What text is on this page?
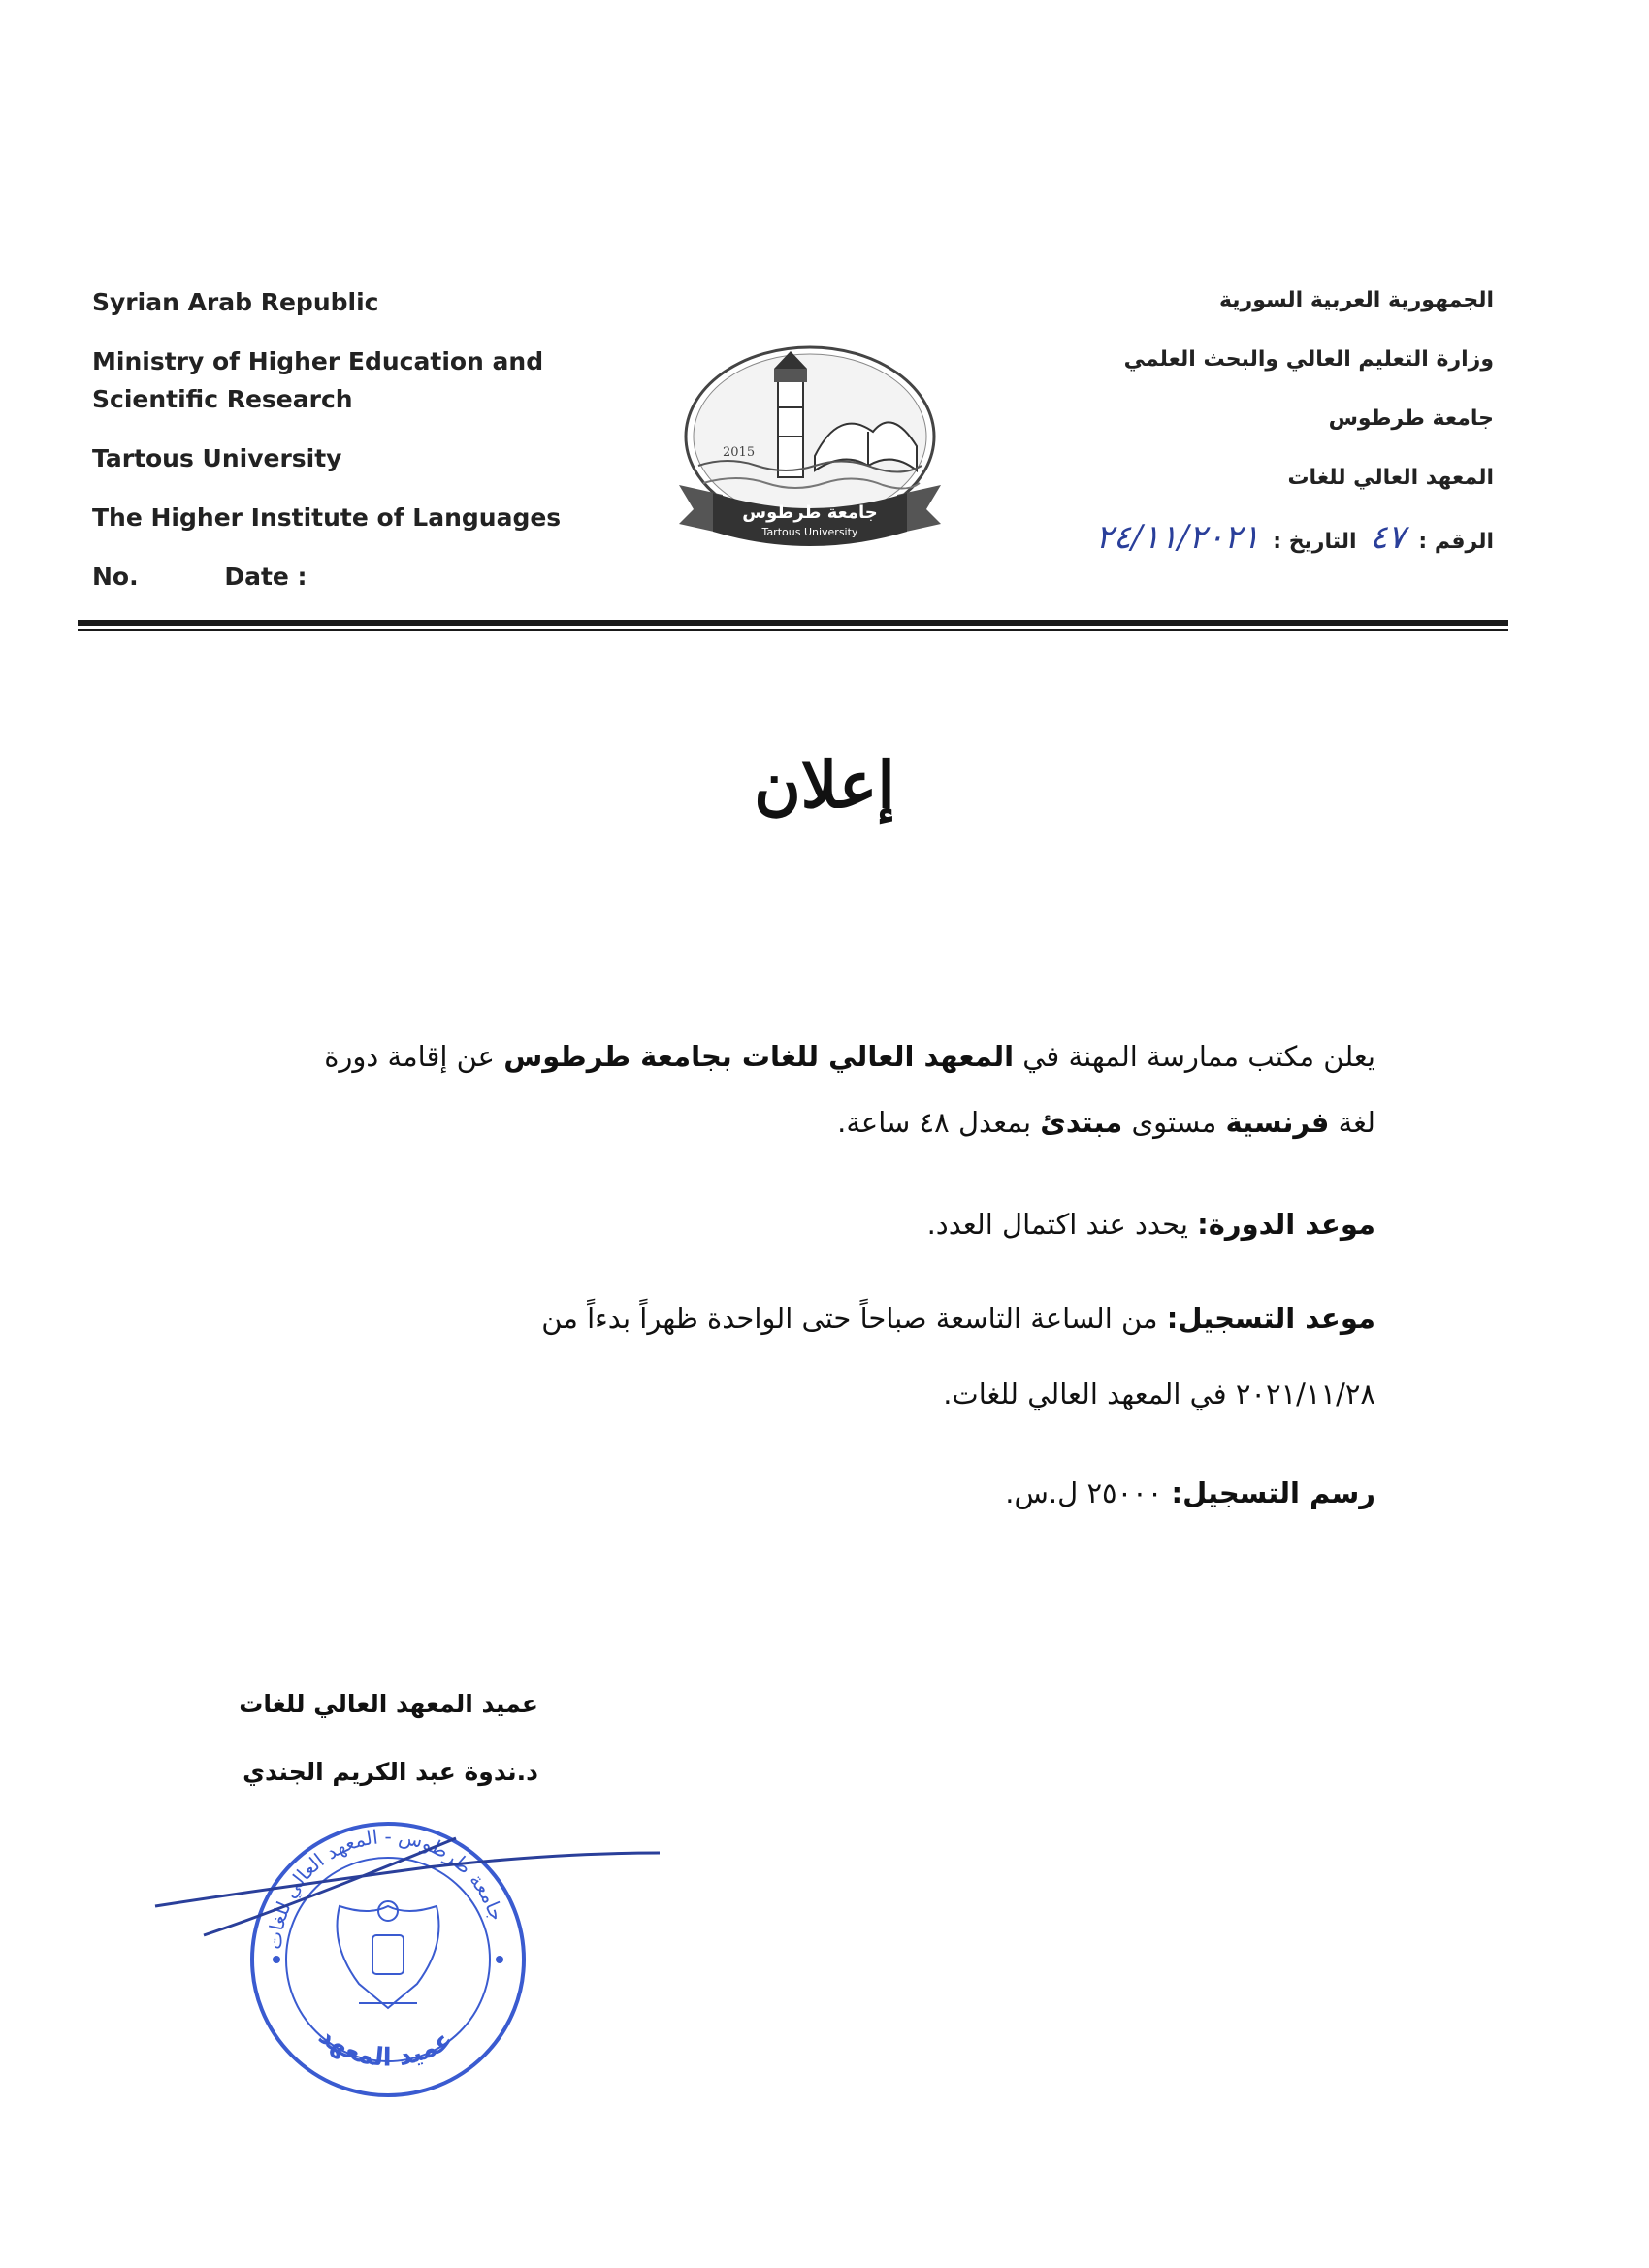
Syrian Arab Republic
Ministry of Higher Education and Scientific Research
Tartous University
The Higher Institute of Languages
No.	Date :
2015
جامعة طرطوس
Tartous University
الجمهورية العربية السورية
وزارة التعليم العالي والبحث العلمي
جامعة طرطوس
المعهد العالي للغات
الرقم : ٤٧ التاريخ : ٢٤/١١/٢٠٢١
إعلان
يعلن مكتب ممارسة المهنة في المعهد العالي للغات بجامعة طرطوس عن إقامة دورة
لغة فرنسية مستوى مبتدئ بمعدل ٤٨ ساعة.
موعد الدورة: يحدد عند اكتمال العدد.
موعد التسجيل: من الساعة التاسعة صباحاً حتى الواحدة ظهراً بدءاً من
٢٠٢١/١١/٢٨ في المعهد العالي للغات.
رسم التسجيل: ٢٥٠٠٠ ل.س.
عميد المعهد العالي للغات
د.ندوة عبد الكريم الجندي
جامعة طرطوس - المعهد العالي للغات
عميد المعهد
